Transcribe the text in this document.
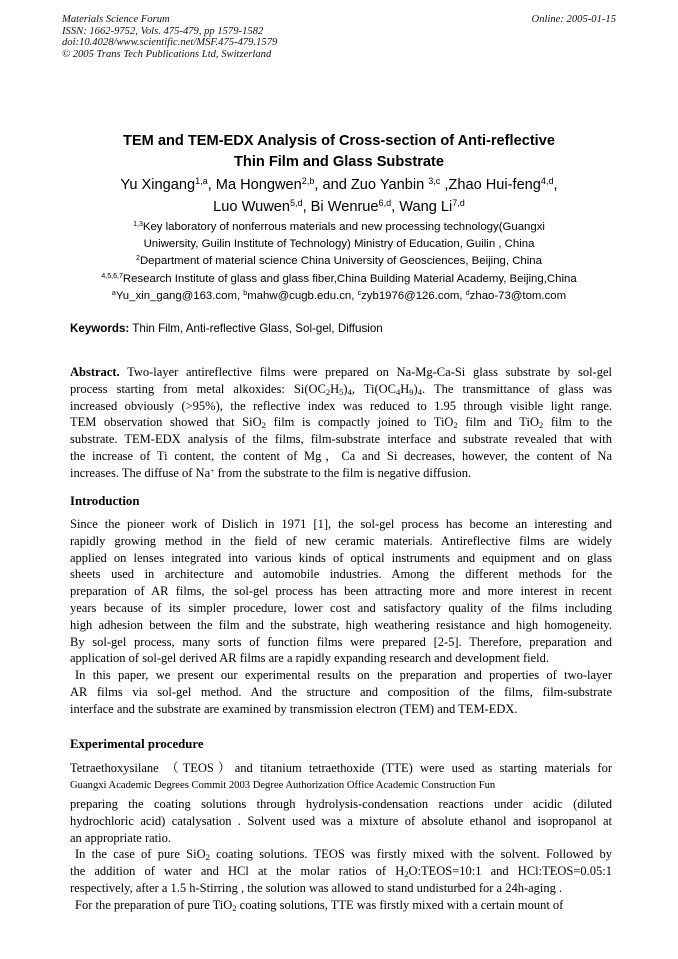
Materials Science Forum
ISSN: 1662-9752, Vols. 475-479, pp 1579-1582
doi:10.4028/www.scientific.net/MSF.475-479.1579
© 2005 Trans Tech Publications Ltd, Switzerland
Online: 2005-01-15
TEM and TEM-EDX Analysis of Cross-section of Anti-reflective
Thin Film and Glass Substrate
Yu Xingang$^{1,a}$, Ma Hongwen$^{2,b}$, and Zuo Yanbin $^{3,c}$ ,Zhao Hui-feng$^{4,d}$,
Luo Wuwen$^{5,d}$, Bi Wenrue$^{6,d}$, Wang Li$^{7,d}$
$^{1,3}$Key laboratory of nonferrous materials and new processing technology(Guangxi
Uniwersity, Guilin Institute of Technology) Ministry of Education, Guilin , China
$^2$Department of material science China University of Geosciences, Beijing, China
$^{4,5,6,7}$Research Institute of glass and glass fiber,China Building Material Academy, Beijing,China
$^a$Yu_xin_gang@163.com, $^b$mahw@cugb.edu.cn, $^c$zyb1976@126.com, $^d$zhao-73@tom.com
Keywords: Thin Film, Anti-reflective Glass, Sol-gel, Diffusion
Abstract. Two-layer antireflective films were prepared on Na-Mg-Ca-Si glass substrate by sol-gel
process starting from metal alkoxides: $Si(OC_2H_5)_4$, $Ti(OC_4H_9)_4$. The transmittance of glass was
increased obviously (>95%), the reflective index was reduced to 1.95 through visible light range.
TEM observation showed that SiO$_2$ film is compactly joined to TiO$_2$ film and TiO$_2$ film to the
substrate. TEM-EDX analysis of the films, film-substrate interface and substrate revealed that with
the increase of Ti content, the content of Mg，Ca and Si decreases, however, the content of Na
increases. The diffuse of Na+ from the substrate to the film is negative diffusion.
Introduction
Since the pioneer work of Dislich in 1971 [1], the sol-gel process has become an interesting and
rapidly growing method in the field of new ceramic materials. Antireflective films are widely
applied on lenses integrated into various kinds of optical instruments and equipment and on glass
sheets used in architecture and automobile industries. Among the different methods for the
preparation of AR films, the sol-gel process has been attracting more and more interest in recent
years because of its simpler procedure, lower cost and satisfactory quality of the films including
high adhesion between the film and the substrate, high weathering resistance and high homogeneity.
By sol-gel process, many sorts of function films were prepared [2-5]. Therefore, preparation and
application of sol-gel derived AR films are a rapidly expanding research and development field.
In this paper, we present our experimental results on the preparation and properties of two-layer
AR films via sol-gel method. And the structure and composition of the films, film-substrate
interface and the substrate are examined by transmission electron (TEM) and TEM-EDX.
Experimental procedure
Tetraethoxysilane （TEOS）and titanium tetraethoxide (TTE) were used as starting materials for
Guangxi Academic Degrees Commit 2003 Degree Authorization Office Academic Construction Fun
preparing the coating solutions through hydrolysis-condensation reactions under acidic (diluted
hydrochloric acid) catalysation . Solvent used was a mixture of absolute ethanol and isopropanol at
an appropriate ratio.
In the case of pure SiO$_2$ coating solutions. TEOS was firstly mixed with the solvent. Followed by
the addition of water and HCl at the molar ratios of $H_2O:TEOS=10:1$ and HCl:TEOS=0.05:1
respectively, after a 1.5 h-Stirring , the solution was allowed to stand undisturbed for a 24h-aging .
For the preparation of pure TiO$_2$ coating solutions, TTE was firstly mixed with a certain mount of
